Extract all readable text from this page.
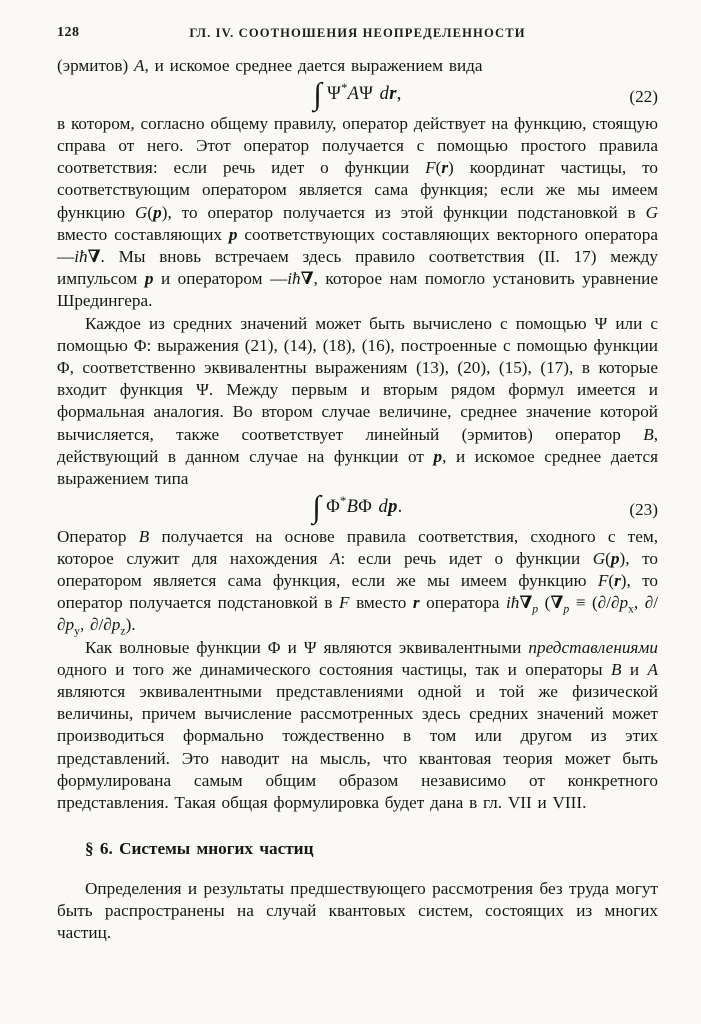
128	ГЛ. IV. СООТНОШЕНИЯ НЕОПРЕДЕЛЕННОСТИ

(эрмитов) A, и искомое среднее дается выражением вида

∫ Ψ*AΨ dr,	(22)

в котором, согласно общему правилу, оператор действует на функцию, стоящую справа от него. Этот оператор получается с помощью простого правила соответствия: если речь идет о функции F(r) координат частицы, то соответствующим оператором является сама функция; если же мы имеем функцию G(p), то оператор получается из этой функции подстановкой в G вместо составляющих p соответствующих составляющих векторного оператора —iħ∇. Мы вновь встречаем здесь правило соответствия (II. 17) между импульсом p и оператором —iħ∇, которое нам помогло установить уравнение Шредингера.

Каждое из средних значений может быть вычислено с помощью Ψ или с помощью Φ: выражения (21), (14), (18), (16), построенные с помощью функции Φ, соответственно эквивалентны выражениям (13), (20), (15), (17), в которые входит функция Ψ. Между первым и вторым рядом формул имеется и формальная аналогия. Во втором случае величине, среднее значение которой вычисляется, также соответствует линейный (эрмитов) оператор B, действующий в данном случае на функции от p, и искомое среднее дается выражением типа

∫ Φ*BΦ dp.	(23)

Оператор B получается на основе правила соответствия, сходного с тем, которое служит для нахождения A: если речь идет о функции G(p), то оператором является сама функция, если же мы имеем функцию F(r), то оператор получается подстановкой в F вместо r оператора $iħ\nabla_p$ ($\nabla_p \equiv (\partial/\partial p_x$, $\partial/\partial p_y$, $\partial/\partial p_z$).

Как волновые функции Φ и Ψ являются эквивалентными представлениями одного и того же динамического состояния частицы, так и операторы B и A являются эквивалентными представлениями одной и той же физической величины, причем вычисление рассмотренных здесь средних значений может производиться формально тождественно в том или другом из этих представлений. Это наводит на мысль, что квантовая теория может быть формулирована самым общим образом независимо от конкретного представления. Такая общая формулировка будет дана в гл. VII и VIII.

§ 6. Системы многих частиц

Определения и результаты предшествующего рассмотрения без труда могут быть распространены на случай квантовых систем, состоящих из многих частиц.
